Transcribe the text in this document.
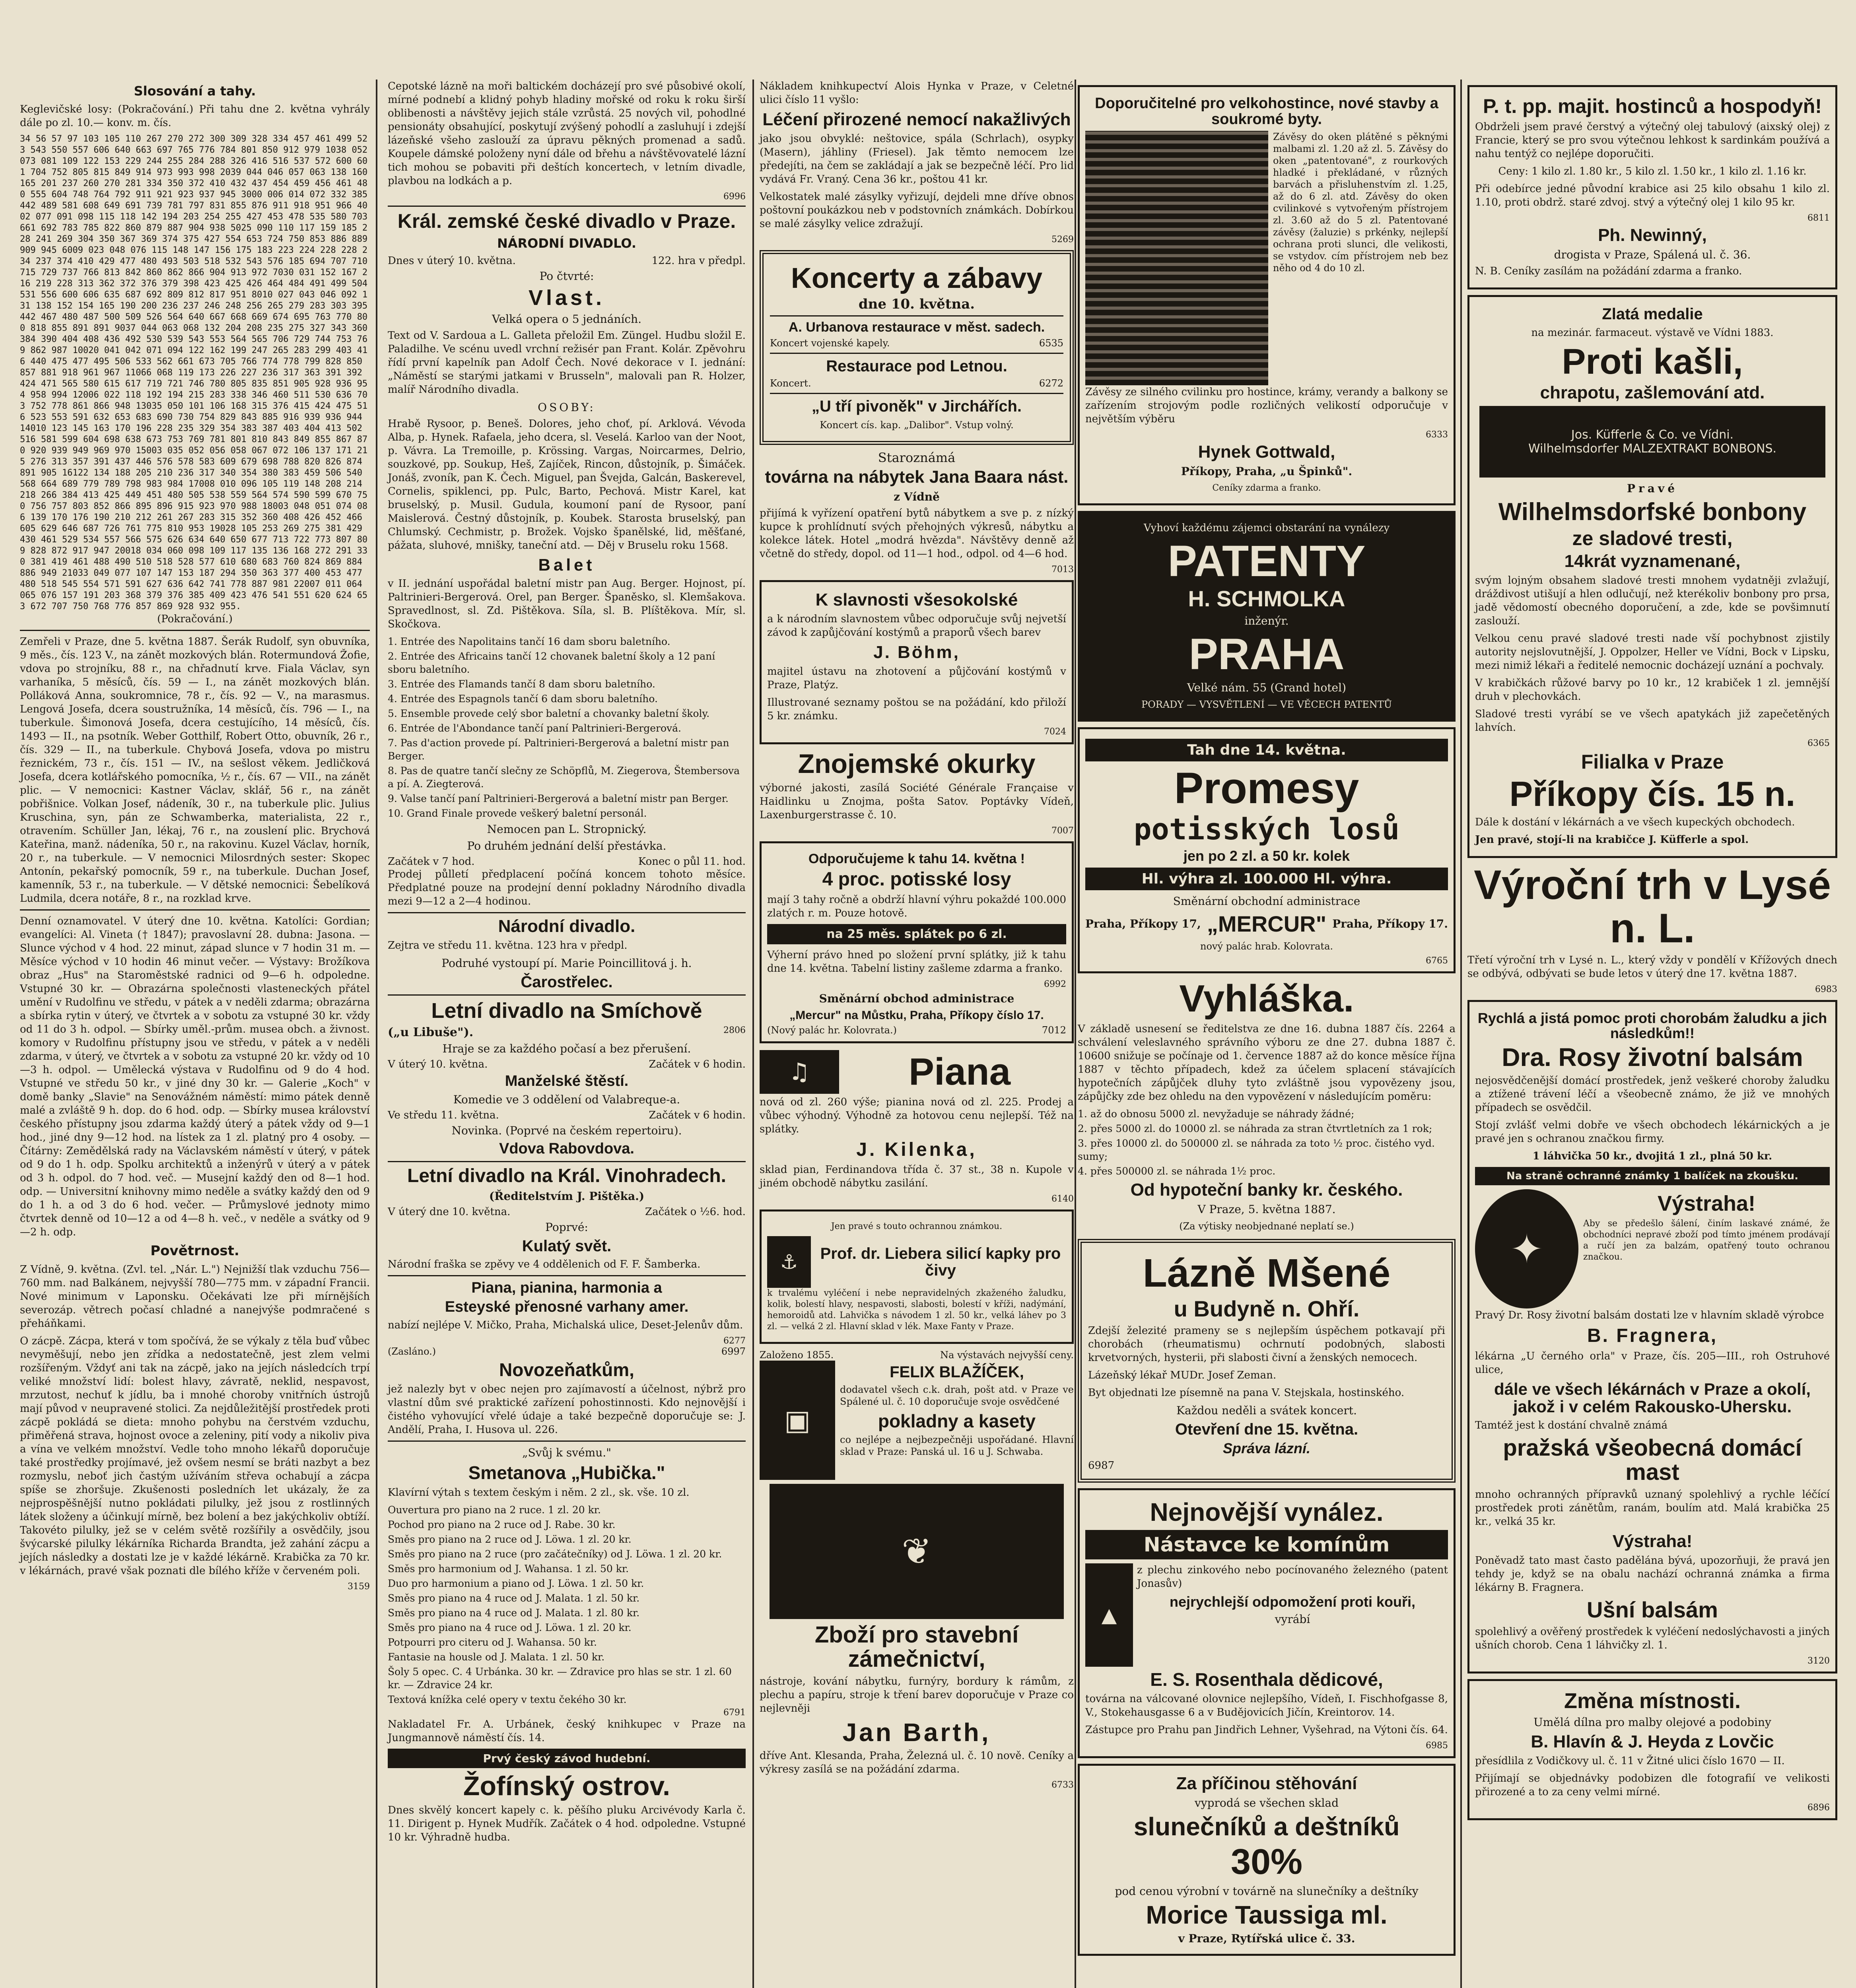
Slosování a tahy.

Keglevičské losy: (Pokračování.) Při tahu dne 2. května vyhrály dále po zl. 10.— konv. m. čís.

34 56 57 97 103 105 110 267 270 272 300 309 328 334 457 461 499 523 543 550 557 606 640 663 697 765 776 784 801 850 912 979 1038 052 073 081 109 122 153 229 244 255 284 288 326 416 516 537 572 600 601 704 752 805 815 849 914 973 993 998 2039 044 046 057 063 138 160 165 201 237 260 270 281 334 350 372 410 432 437 454 459 456 461 480 555 604 748 764 792 911 921 923 937 945 3000 006 014 072 332 385 442 489 581 608 649 691 739 781 797 831 855 876 911 918 951 966 4002 077 091 098 115 118 142 194 203 254 255 427 453 478 535 580 703 661 692 783 785 822 860 879 887 904 938 5025 090 110 117 159 185 228 241 269 304 350 367 369 374 375 427 554 653 724 750 853 886 889 909 945 6009 023 048 076 115 148 147 156 175 183 223 224 228 228 234 237 374 410 429 477 480 493 503 518 532 543 576 185 694 707 710 715 729 737 766 813 842 860 862 866 904 913 972 7030 031 152 167 216 219 228 313 362 372 376 379 398 423 425 426 464 484 491 499 504 531 556 600 606 635 687 692 809 812 817 951 8010 027 043 046 092 131 138 152 154 165 190 200 236 237 246 248 256 265 279 283 303 395 442 467 480 487 500 509 526 564 640 667 668 669 674 695 763 770 800 818 855 891 891 9037 044 063 068 132 204 208 235 275 327 343 360 384 390 404 408 436 492 530 539 543 553 564 565 706 729 744 753 769 862 987 10020 041 042 071 094 122 162 199 247 265 283 299 403 416 440 475 477 495 506 533 562 661 673 705 766 774 778 799 828 850 857 881 918 961 967 11066 068 119 173 226 227 236 317 363 391 392 424 471 565 580 615 617 719 721 746 780 805 835 851 905 928 936 954 958 994 12006 022 118 192 194 215 283 338 346 460 511 530 636 703 752 778 861 866 948 13035 050 101 106 168 315 376 415 424 475 516 523 553 591 632 653 683 690 730 754 829 843 885 916 939 936 944 14010 123 145 163 170 196 228 235 329 354 383 387 403 404 413 502 516 581 599 604 698 638 673 753 769 781 801 810 843 849 855 867 870 920 939 949 969 970 15003 035 052 056 058 067 072 106 137 171 215 276 313 357 391 437 446 576 578 583 609 679 698 788 820 826 874 891 905 16122 134 188 205 210 236 317 340 354 380 383 459 506 540 568 664 689 779 789 798 983 984 17008 010 096 105 119 148 208 214 218 266 384 413 425 449 451 480 505 538 559 564 574 590 599 670 750 756 757 803 852 866 895 896 915 923 970 988 18003 048 051 074 086 139 170 176 190 210 212 261 267 283 315 352 360 408 426 452 466 605 629 646 687 726 761 775 810 953 19028 105 253 269 275 381 429 430 461 529 534 557 566 575 626 634 640 650 677 713 722 773 807 809 828 872 917 947 20018 034 060 098 109 117 135 136 168 272 291 330 381 419 461 488 490 510 518 528 577 610 680 683 760 824 869 884 886 949 21033 049 077 107 147 153 187 294 350 363 377 400 453 477 480 518 545 554 571 591 627 636 642 741 778 887 981 22007 011 064 065 076 157 191 203 368 379 376 385 409 423 476 541 551 620 624 653 672 707 750 768 776 857 869 928 932 955.

(Pokračování.)

Zemřeli v Praze, dne 5. května 1887. Šerák Rudolf, syn obuvníka, 9 měs., čís. 123 V., na zánět mozkových blán. Rotermundová Žofie, vdova po strojníku, 88 r., na chřadnutí krve. Fiala Václav, syn varhaníka, 5 měsíců, čís. 59 — I., na zánět mozkových blán. Polláková Anna, soukromnice, 78 r., čís. 92 — V., na marasmus. Lengová Josefa, dcera soustružníka, 14 měsíců, čís. 796 — I., na tuberkule. Šimonová Josefa, dcera cestujícího, 14 měsíců, čís. 1493 — II., na psotník. Weber Gotthilf, Robert Otto, obuvník, 26 r., čís. 329 — II., na tuberkule. Chybová Josefa, vdova po mistru řeznickém, 73 r., čís. 151 — IV., na sešlost věkem. Jedličková Josefa, dcera kotlářského pomocníka, ½ r., čís. 67 — VII., na zánět plic. — V nemocnici: Kastner Václav, sklář, 56 r., na zánět pobřišnice. Volkan Josef, nádeník, 30 r., na tuberkule plic. Julius Kruschina, syn, pán ze Schwamberka, materialista, 22 r., otravením. Schüller Jan, lékaj, 76 r., na zouslení plic. Brychová Kateřina, manž. nádeníka, 50 r., na rakovinu. Kuzel Václav, horník, 20 r., na tuberkule. — V nemocnici Milosrdných sester: Skopec Antonín, pekařský pomocník, 59 r., na tuberkule. Duchan Josef, kamenník, 53 r., na tuberkule. — V dětské nemocnici: Šebelíková Ludmila, dcera notáře, 8 r., na rozklad krve.

Denní oznamovatel. V úterý dne 10. května. Katolíci: Gordian; evangelíci: Al. Vineta († 1847); pravoslavní 28. dubna: Jasona. — Slunce východ v 4 hod. 22 minut, západ slunce v 7 hodin 31 m. — Měsíce východ v 10 hodin 46 minut večer. — Výstavy: Brožíkova obraz „Hus" na Staroměstské radnici od 9—6 h. odpoledne. Vstupné 30 kr. — Obrazárna společnosti vlasteneckých přátel umění v Rudolfinu ve středu, v pátek a v neděli zdarma; obrazárna a sbírka rytin v úterý, ve čtvrtek a v sobotu za vstupné 30 kr. vždy od 11 do 3 h. odpol. — Sbírky uměl.-prům. musea obch. a živnost. komory v Rudolfinu přístupny jsou ve středu, v pátek a v neděli zdarma, v úterý, ve čtvrtek a v sobotu za vstupné 20 kr. vždy od 10—3 h. odpol. — Umělecká výstava v Rudolfinu od 9 do 4 hod. Vstupné ve středu 50 kr., v jiné dny 30 kr. — Galerie „Koch" v domě banky „Slavie" na Senovážném náměstí: mimo pátek denně malé a zvláště 9 h. dop. do 6 hod. odp. — Sbírky musea království českého přístupny jsou zdarma každý úterý a pátek vždy od 9—1 hod., jiné dny 9—12 hod. na lístek za 1 zl. platný pro 4 osoby. — Čítárny: Zemědělská rady na Václavském náměstí v úterý, v pátek od 9 do 1 h. odp. Spolku architektů a inženýrů v úterý a v pátek od 3 h. odpol. do 7 hod. več. — Musejní každý den od 8—1 hod. odp. — Universitní knihovny mimo neděle a svátky každý den od 9 do 1 h. a od 3 do 6 hod. večer. — Průmyslové jednoty mimo čtvrtek denně od 10—12 a od 4—8 h. več., v neděle a svátky od 9—2 h. odp.

Povětrnost.

Z Vídně, 9. května. (Zvl. tel. „Nár. L.") Nejnižší tlak vzduchu 756—760 mm. nad Balkánem, nejvyšší 780—775 mm. v západní Francii. Nové minimum v Laponsku. Očekávati lze při mírnějších severozáp. větrech počasí chladné a nanejvýše podmračené s přeháňkami.

O zácpě. Zácpa, která v tom spočívá, že se výkaly z těla buď vůbec nevyměšují, nebo jen zřídka a nedostatečně, jest zlem velmi rozšířeným. Vždyť ani tak na zácpě, jako na jejích následcích trpí veliké množství lidí: bolest hlavy, závratě, neklid, nespavost, mrzutost, nechuť k jídlu, ba i mnohé choroby vnitřních ústrojů mají původ v neupravené stolici. Za nejdůležitější prostředek proti zácpě pokládá se dieta: mnoho pohybu na čerstvém vzduchu, přiměřená strava, hojnost ovoce a zeleniny, pití vody a nikoliv piva a vína ve velkém množství. Vedle toho mnoho lékařů doporučuje také prostředky projímavé, jež ovšem nesmí se bráti nazbyt a bez rozmyslu, neboť jich častým užíváním střeva ochabují a zácpa spíše se zhoršuje. Zkušenosti posledních let ukázaly, že za nejprospěšnější nutno pokládati pilulky, jež jsou z rostlinných látek složeny a účinkují mírně, bez bolení a bez jakýchkoliv obtíží. Takovéto pilulky, jež se v celém světě rozšířily a osvědčily, jsou švýcarské pilulky lékárníka Richarda Brandta, jež zahání zácpu a jejích následky a dostati lze je v každé lékárně. Krabička za 70 kr. v lékárnách, pravé však poznati dle bílého kříže v červeném poli.

3159

Cepotské lázně na moři baltickém docházejí pro své působivé okolí, mírné podnebí a klidný pohyb hladiny mořské od roku k roku širší oblibenosti a návštěvy jejich stále vzrůstá. 25 nových vil, pohodlné pensionáty obsahující, poskytují zvýšený pohodlí a zasluhují i zdejší lázeňské všeho zaslouží za úpravu pěkných promenad a sadů. Koupele dámské položeny nyní dále od břehu a návštěvovatelé lázní tich mohou se pobaviti při deštích koncertech, v letním divadle, plavbou na lodkách a p.

6996

Král. zemské české divadlo v Praze.
NÁRODNÍ DIVADLO.
Dnes v úterý 10. května.	122. hra v předpl.
Po čtvrté:
Vlast.
Velká opera o 5 jednáních.

Text od V. Sardoua a L. Galleta přeložil Em. Züngel. Hudbu složil E. Paladilhe. Ve scénu uvedl vrchní režisér pan Frant. Kolár. Zpěvohru řídí první kapelník pan Adolf Čech. Nové dekorace v I. jednání: „Náměstí se starými jatkami v Brusseln", malovali pan R. Holzer, malíř Národního divadla.

OSOBY:

Hrabě Rysoor, p. Beneš. Dolores, jeho choť, pí. Arklová. Vévoda Alba, p. Hynek. Rafaela, jeho dcera, sl. Veselá. Karloo van der Noot, p. Vávra. La Tremoille, p. Krössing. Vargas, Noircarmes, Delrio, souzkové, pp. Soukup, Heš, Zajíček, Rincon, důstojník, p. Šimáček. Jonáš, zvoník, pan K. Čech. Miguel, pan Švejda, Galcán, Baskerevel, Cornelis, spiklenci, pp. Pulc, Barto, Pechová. Mistr Karel, kat bruselský, p. Musil. Gudula, koumoní paní de Rysoor, paní Maislerová. Čestný důstojník, p. Koubek. Starosta bruselský, pan Chlumský. Cechmistr, p. Brožek. Vojsko španělské, lid, měšťané, pážata, sluhové, mnišky, taneční atd. — Děj v Bruselu roku 1568.

Balet

v II. jednání uspořádal baletní mistr pan Aug. Berger. Hojnost, pí. Paltrinieri-Bergerová. Orel, pan Berger. Španěsko, sl. Klemšakova. Spravedlnost, sl. Zd. Pištěkova. Síla, sl. B. Plíštěkova. Mír, sl. Skočkova.

1. Entrée des Napolitains tančí 16 dam sboru baletního.

2. Entrée des Africains tančí 12 chovanek baletní školy a 12 paní sboru baletního.

3. Entrée des Flamands tančí 8 dam sboru baletního.

4. Entrée des Espagnols tančí 6 dam sboru baletního.

5. Ensemble provede celý sbor baletní a chovanky baletní školy.

6. Entrée de l'Abondance tančí paní Paltrinieri-Bergerová.

7. Pas d'action provede pí. Paltrinieri-Bergerová a baletní mistr pan Berger.

8. Pas de quatre tančí slečny ze Schöpflů, M. Ziegerova, Štembersova a pí. A. Ziegterová.

9. Valse tančí paní Paltrinieri-Bergerová a baletní mistr pan Berger.

10. Grand Finale provede veškerý baletní personál.

Nemocen pan L. Stropnický.
Po druhém jednání delší přestávka.
Začátek v 7 hod.	Konec o půl 11. hod.

Prodej půlletí předplacení počíná koncem tohoto měsíce. Předplatné pouze na prodejní denní pokladny Národního divadla mezi 9—12 a 2—4 hodinou.

Národní divadlo.

Zejtra ve středu 11. května. 123 hra v předpl.

Podruhé vystoupí pí. Marie Poincillitová j. h.
Čarostřelec.
Letní divadlo na Smíchově
(„u Libuše").	2806
Hraje se za každého počasí a bez přerušení.
V úterý 10. května.	Začátek v 6 hodin.
Manželské štěstí.
Komedie ve 3 oddělení od Valabreque-a.
Ve středu 11. května.	Začátek v 6 hodin.
Novinka. (Poprvé na českém repertoiru).
Vdova Rabovdova.
Letní divadlo na Král. Vinohradech.
(Ředitelstvím J. Pištěka.)
V úterý dne 10. května.	Začátek o ½6. hod.
Poprvé:
Kulatý svět.

Národní fraška se zpěvy ve 4 oddělenich od F. F. Šamberka.

Piana, pianina, harmonia a
Esteyské přenosné varhany amer.

nabízí nejlépe V. Mičko, Praha, Michalská ulice, Deset-Jelenův dům.

6277

(Zasláno.)	6997
Novozeňatkům,

jež nalezly byt v obec nejen pro zajímavostí a účelnost, nýbrž pro vlastní dům své praktické zařízení pohostinnosti. Kdo nejnovější i čistého vyhovující vřelé údaje a také bezpečně doporučuje se: J. Andělí, Praha, I. Husova ul. 226.

„Svůj k svému."
Smetanova „Hubička."

Klavírní výtah s textem českým i něm. 2 zl., sk. vše. 10 zl.

Ouvertura pro piano na 2 ruce. 1 zl. 20 kr.

Pochod pro piano na 2 ruce od J. Rabe. 30 kr.

Směs pro piano na 2 ruce od J. Löwa. 1 zl. 20 kr.

Směs pro piano na 2 ruce (pro začátečníky) od J. Löwa. 1 zl. 20 kr.

Směs pro harmonium od J. Wahansa. 1 zl. 50 kr.

Duo pro harmonium a piano od J. Löwa. 1 zl. 50 kr.

Směs pro piano na 4 ruce od J. Malata. 1 zl. 50 kr.

Směs pro piano na 4 ruce od J. Malata. 1 zl. 80 kr.

Směs pro piano na 4 ruce od J. Löwa. 1 zl. 20 kr.

Potpourri pro citeru od J. Wahansa. 50 kr.

Fantasie na housle od J. Malata. 1 zl. 50 kr.

Šoly 5 opec. C. 4 Urbánka. 30 kr. — Zdravice pro hlas se str. 1 zl. 60 kr. — Zdravice 24 kr.

Textová knížka celé opery v textu čekého 30 kr.

6791

Nakladatel Fr. A. Urbánek, český knihkupec v Praze na Jungmannově náměstí čís. 14.

Prvý český závod hudební.
Žofínský ostrov.

Dnes skvělý koncert kapely c. k. pěšího pluku Arcivévody Karla č. 11. Dirigent p. Hynek Mudřík. Začátek o 4 hod. odpoledne. Vstupné 10 kr. Výhradně hudba.

Nákladem knihkupectví Alois Hynka v Praze, v Celetné ulici číslo 11 vyšlo:

Léčení přirozené nemocí nakažlivých

jako jsou obvyklé: neštovice, spála (Schrlach), osypky (Masern), jáhliny (Friesel). Jak těmto nemocem lze předejíti, na čem se zakládají a jak se bezpečně léčí. Pro lid vydává Fr. Vraný. Cena 36 kr., poštou 41 kr.

Velkostatek malé zásylky vyřizují, dejdeli mne dříve obnos poštovní poukázkou neb v podstovních známkách. Dobírkou se malé zásylky velice zdražují.

5269

Koncerty a zábavy
dne 10. května.
A. Urbanova restaurace v měst. sadech.
Koncert vojenské kapely.	6535
Restaurace pod Letnou.
Koncert.	6272
„U tří pivoněk" v Jirchářích.
Koncert cís. kap. „Dalibor". Vstup volný.
Staroznámá
továrna na nábytek Jana Baara nást.
z Vídně

přijímá k vyřízení opatření bytů nábytkem a sve p. z nízký kupce k prohlídnutí svých přehojných výkresů, nábytku a kolekce látek. Hotel „modrá hvězda". Návštěvy denně až včetně do středy, dopol. od 11—1 hod., odpol. od 4—6 hod.

7013

K slavnosti všesokolské

a k národním slavnostem vůbec odporučuje svůj nejvetší závod k zapůjčování kostýmů a praporů všech barev

J. Böhm,

majitel ústavu na zhotovení a půjčování kostýmů v Praze, Platýz.

Illustrované seznamy poštou se na požádání, kdo přiloží 5 kr. známku.

7024

Znojemské okurky

výborné jakosti, zasílá Société Générale Française v Haidlinku u Znojma, pošta Satov. Poptávky Vídeň, Laxenburgerstrasse č. 10.

7007

Odporučujeme k tahu 14. května !
4 proc. potisské losy

mají 3 tahy ročně a obdrží hlavní výhru pokaždé 100.000 zlatých r. m. Pouze hotově.

na 25 měs. splátek po 6 zl.

Výherní právo hned po složení první splátky, již k tahu dne 14. května. Tabelní listiny zašleme zdarma a franko.

6992

Směnární obchod administrace
„Mercur" na Můstku, Praha, Příkopy číslo 17.
(Nový palác hr. Kolovrata.)	7012
♫	Piana

nová od zl. 260 výše; pianina nová od zl. 225. Prodej a vůbec výhodný. Výhodně za hotovou cenu nejlepší. Též na splátky.

J. Kilenka,

sklad pian, Ferdinandova třída č. 37 st., 38 n. Kupole v jiném obchodě nábytku zasilání.

6140

Jen pravé s touto ochrannou známkou.
⚓	Prof. dr. Liebera silicí kapky pro čivy

k trvalému vyléčení i nebe nepravidelných zkaženého žaludku, kolik, bolestí hlavy, nespavosti, slabosti, bolestí v kříži, nadýmání, hemoroidů atd. Lahvička s návodem 1 zl. 50 kr., velká láhev po 3 zl. — velká 2 zl. Hlavní sklad v lék. Maxe Fanty v Praze.

Založeno 1855.	Na výstavách nejvyšší ceny.
▣
FELIX BLAŽÍČEK,

dodavatel všech c.k. drah, pošt atd. v Praze ve Spálené ul. č. 10 doporučuje svoje osvědčené

pokladny a kasety

co nejlépe a nejbezpečněji uspořádané. Hlavní sklad v Praze: Panská ul. 16 u J. Schwaba.

❦
Zboží pro stavební zámečnictví,

nástroje, kování nábytku, furnýry, bordury k rámům, z plechu a papíru, stroje k tření barev doporučuje v Praze co nejlevněji

Jan Barth,

dříve Ant. Klesanda, Praha, Železná ul. č. 10 nově. Ceníky a výkresy zasílá se na požádání zdarma.

6733

Doporučitelné pro velkohostince, nové stavby a soukromé byty.

Závěsy do oken plátěné s pěknými malbami zl. 1.20 až zl. 5. Závěsy do oken „patentované", z rourkových hladké i překládané, v různých barvách a přisluhenstvím zl. 1.25, až do 6 zl. atd. Závěsy do oken cvilinkové s vytvořeným přístrojem zl. 3.60 až do 5 zl. Patentované závěsy (žaluzie) s prkénky, nejlepší ochrana proti slunci, dle velikosti, se vstydov. cím přístrojem neb bez něho od 4 do 10 zl.

Závěsy ze silného cvilinku pro hostince, krámy, verandy a balkony se zařízením strojovým podle rozličných velikostí odporučuje v největším výběru

6333

Hynek Gottwald,
Příkopy, Praha, „u Špinků".
Ceníky zdarma a franko.
Vyhoví každému zájemci obstarání na vynálezy
PATENTY
H. SCHMOLKA
inženýr.
PRAHA
Velké nám. 55 (Grand hotel)
PORADY — VYSVĚTLENÍ — VE VĚCECH PATENTŮ
Tah dne 14. května.
Promesy
potisských losů
jen po 2 zl. a 50 kr. kolek
Hl. výhra zl. 100.000 Hl. výhra.
Směnární obchodní administrace
Praha, Příkopy 17, „MERCUR" Praha, Příkopy 17.
nový palác hrab. Kolovrata.

6765

Vyhláška.

V základě usnesení se ředitelstva ze dne 16. dubna 1887 čís. 2264 a schválení veleslavného správního výboru ze dne 27. dubna 1887 č. 10600 snižuje se počínaje od 1. července 1887 až do konce měsíce října 1887 v těchto případech, kdež za účelem splacení stávajících hypotečních zápůjček dluhy tyto zvláštně jsou vypovězeny jsou, zápůjčky zde bez ohledu na den vypovězení v následujícím poměru:

1. až do obnosu 5000 zl. nevyžaduje se náhrady žádné;

2. přes 5000 zl. do 10000 zl. se náhrada za stran čtvrtletních za 1 rok;

3. přes 10000 zl. do 500000 zl. se náhrada za toto ½ proc. čistého vyd. sumy;

4. přes 500000 zl. se náhrada 1½ proc.

Od hypoteční banky kr. českého.
V Praze, 5. května 1887.
(Za výtisky neobjednané neplatí se.)
Lázně Mšené
u Budyně n. Ohří.

Zdejší železité prameny se s nejlepším úspěchem potkavají při chorobách (rheumatismu) ochrnutí podobných, slabosti krvetvorných, hysterii, při slabosti čivní a ženských nemocech.

Lázeňský lékař MUDr. Josef Zeman.

Byt objednati lze písemně na pana V. Stejskala, hostinského.

Každou neděli a svátek koncert.
Otevření dne 15. května.
Správa lázní.

6987

Nejnovější vynález.
Nástavce ke komínům
▲

z plechu zinkového nebo pocínovaného železného (patent Jonasův)

nejrychlejší odpomožení proti kouři,
vyrábí
E. S. Rosenthala dědicové,

továrna na válcované olovnice nejlepšího, Vídeň, I. Fischhofgasse 8, V., Stokehausgasse 6 a v Budějovicích Jičín, Kreintorov. 14.

Zástupce pro Prahu pan Jindřich Lehner, Vyšehrad, na Výtoni čís. 64.

6985

Za příčinou stěhování
vyprodá se všechen sklad
slunečníků a deštníků
30%
pod cenou výrobní v továrně na slunečníky a deštníky
Morice Taussiga ml.
v Praze, Rytířská ulice č. 33.
P. t. pp. majit. hostinců a hospodyň!

Obdrželi jsem pravé čerstvý a výtečný olej tabulový (aixský olej) z Francie, který se pro svou výtečnou lehkost k sardinkám používá a nahu tentýž co nejlépe doporučiti.

Ceny: 1 kilo zl. 1.80 kr., 5 kilo zl. 1.50 kr., 1 kilo zl. 1.16 kr.

Při odebírce jedné původní krabice asi 25 kilo obsahu 1 kilo zl. 1.10, proti obdrž. staré zdvoj. stvý a výtečný olej 1 kilo 95 kr.

6811

Ph. Newinný,
drogista v Praze, Spálená ul. č. 36.

N. B. Ceníky zasílám na požádání zdarma a franko.

Zlatá medalie
na mezinár. farmaceut. výstavě ve Vídni 1883.
Proti kašli,
chrapotu, zašlemování atd.
Jos. Küfferle & Co. ve Vídni.
Wilhelmsdorfer MALZEXTRAKT BONBONS.
Pravé
Wilhelmsdorfské bonbony
ze sladové tresti,
14krát vyznamenané,

svým lojným obsahem sladové tresti mnohem vydatněji zvlažují, dráždivost utišují a hlen odlučují, než kterékoliv bonbony pro prsa, jadě vědomostí obecného doporučení, a zde, kde se povšimnutí zaslouží.

Velkou cenu pravé sladové tresti nade vší pochybnost zjistily autority nejslovutnější, J. Oppolzer, Heller ve Vídni, Bock v Lipsku, mezi nimiž lékaři a ředitelé nemocnic docházejí uznání a pochvaly.

V krabičkách růžové barvy po 10 kr., 12 krabiček 1 zl. jemnější druh v plechovkách.

Sladové tresti vyrábí se ve všech apatykách již zapečetěných lahvích.

6365

Filialka v Praze
Příkopy čís. 15 n.

Dále k dostání v lékárnách a ve všech kupeckých obchodech.

Jen pravé, stojí-li na krabičce J. Küfferle a spol.

Výroční trh v Lysé n. L.

Třetí výroční trh v Lysé n. L., který vždy v pondělí v Křížových dnech se odbývá, odbývati se bude letos v úterý dne 17. května 1887.

6983

Rychlá a jistá pomoc proti chorobám žaludku a jich následkům!!
Dra. Rosy životní balsám

nejosvědčenější domácí prostředek, jenž veškeré choroby žaludku a ztížené trávení léčí a všeobecně známo, že již ve mnohých případech se osvědčil.

Stojí zvlášť velmi dobře ve všech obchodech lékárnických a je pravé jen s ochranou značkou firmy.

1 láhvička 50 kr., dvojitá 1 zl., plná 50 kr.

Na straně ochranné známky 1 balíček na zkoušku.
✦
Výstraha!

Aby se předešlo šálení, činím laskavé známé, že obchodníci nepravé zboží pod tímto jménem prodávají a ručí jen za balzám, opatřený touto ochranou značkou.

Pravý Dr. Rosy životní balsám dostati lze v hlavním skladě výrobce

B. Fragnera,

lékárna „U černého orla" v Praze, čís. 205—III., roh Ostruhové ulice,

dále ve všech lékárnách v Praze a okolí, jakož i v celém Rakousko-Uhersku.

Tamtéž jest k dostání chvalně známá

pražská všeobecná domácí mast

mnoho ochranných přípravků uznaný spolehlivý a rychle léčící prostředek proti zánětům, ranám, boulím atd. Malá krabička 25 kr., velká 35 kr.

Výstraha!

Poněvadž tato mast často padělána bývá, upozorňuji, že pravá jen tehdy je, když se na obalu nachází ochranná známka a firma lékárny B. Fragnera.

Ušní balsám

spolehlivý a ověřený prostředek k vyléčení nedoslýchavosti a jiných ušních chorob. Cena 1 láhvičky zl. 1.

3120

Změna místnosti.
Umělá dílna pro malby olejové a podobiny
B. Hlavín & J. Heyda z Lovčic

přesídlila z Vodičkovy ul. č. 11 v Žitné ulici číslo 1670 — II.

Přijímají se objednávky podobizen dle fotografií ve velikosti přirozené a to za ceny velmi mírné.

6896
